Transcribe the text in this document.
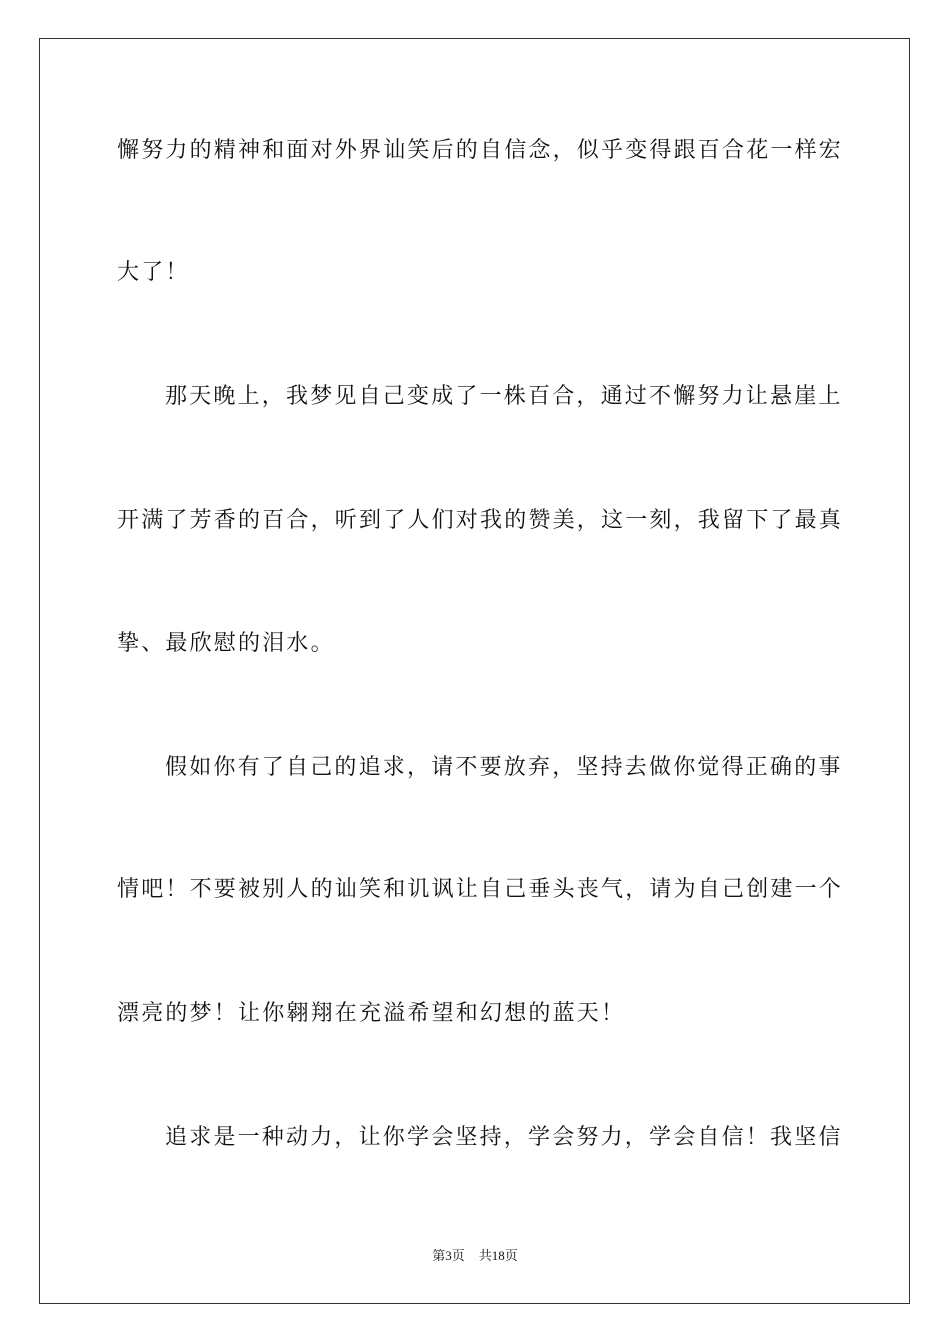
懈努力的精神和面对外界讪笑后的自信念，似乎变得跟百合花一样宏
大了！
那天晚上，我梦见自己变成了一株百合，通过不懈努力让悬崖上
开满了芳香的百合，听到了人们对我的赞美，这一刻，我留下了最真
挚、最欣慰的泪水。
假如你有了自己的追求，请不要放弃，坚持去做你觉得正确的事
情吧！不要被别人的讪笑和讥讽让自己垂头丧气，请为自己创建一个
漂亮的梦！让你翱翔在充溢希望和幻想的蓝天！
追求是一种动力，让你学会坚持，学会努力，学会自信！我坚信
第3页 共18页
